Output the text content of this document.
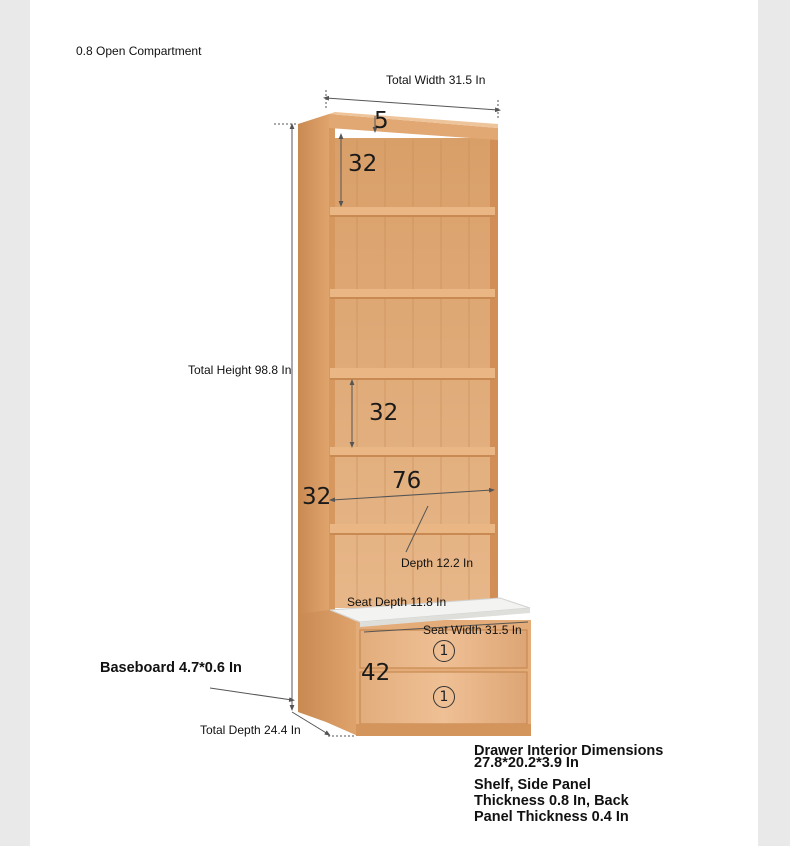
0.8 Open Compartment
Total Width 31.5 In
Total Height 98.8 In
Depth 12.2 In
Seat Depth 11.8 In
Seat Width 31.5 In
Baseboard 4.7*0.6 In
Total Depth 24.4 In
5
32
32
76
32
42
1
1
Drawer Interior Dimensions
27.8*20.2*3.9 In
Shelf, Side Panel
Thickness 0.8 In, Back
Panel Thickness 0.4 In
